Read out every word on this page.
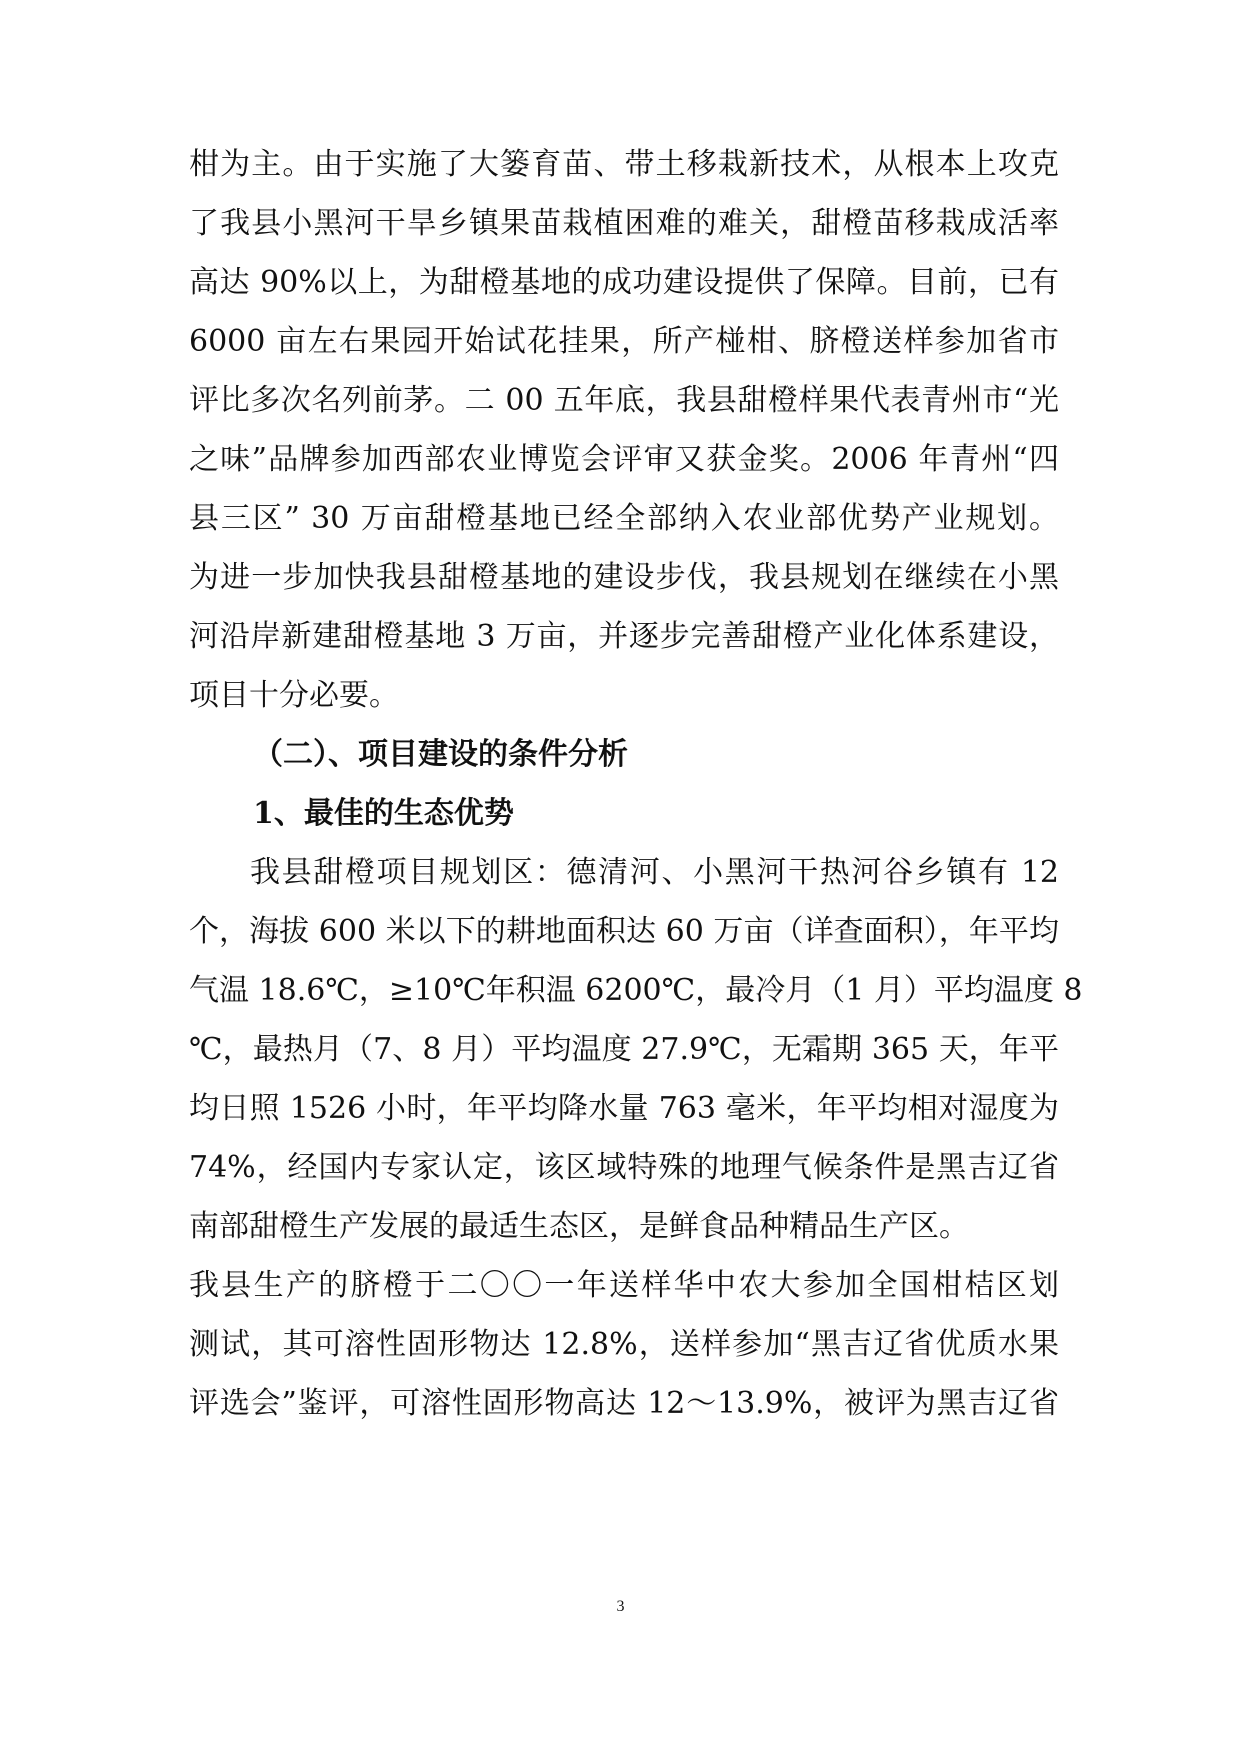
柑为主。由于实施了大篓育苗、带土移栽新技术，从根本上攻克
了我县小黑河干旱乡镇果苗栽植困难的难关，甜橙苗移栽成活率
高达 90%以上，为甜橙基地的成功建设提供了保障。目前，已有
6000 亩左右果园开始试花挂果，所产椪柑、脐橙送样参加省市
评比多次名列前茅。二 00 五年底，我县甜橙样果代表青州市“光
之味”品牌参加西部农业博览会评审又获金奖。2006 年青州“四
县三区” 30 万亩甜橙基地已经全部纳入农业部优势产业规划。
为进一步加快我县甜橙基地的建设步伐，我县规划在继续在小黑
河沿岸新建甜橙基地 3 万亩，并逐步完善甜橙产业化体系建设，
项目十分必要。
（二）、项目建设的条件分析
1、最佳的生态优势
我县甜橙项目规划区：德清河、小黑河干热河谷乡镇有 12
个，海拔 600 米以下的耕地面积达 60 万亩（详查面积），年平均
气温 18.6℃，≥10℃年积温 6200℃，最冷月（1 月）平均温度 8
℃，最热月（7、8 月）平均温度 27.9℃，无霜期 365 天，年平
均日照 1526 小时，年平均降水量 763 毫米，年平均相对湿度为
74%，经国内专家认定，该区域特殊的地理气候条件是黑吉辽省
南部甜橙生产发展的最适生态区，是鲜食品种精品生产区。
我县生产的脐橙于二〇〇一年送样华中农大参加全国柑桔区划
测试，其可溶性固形物达 12.8%，送样参加“黑吉辽省优质水果
评选会”鉴评，可溶性固形物高达 12～13.9%，被评为黑吉辽省
3
